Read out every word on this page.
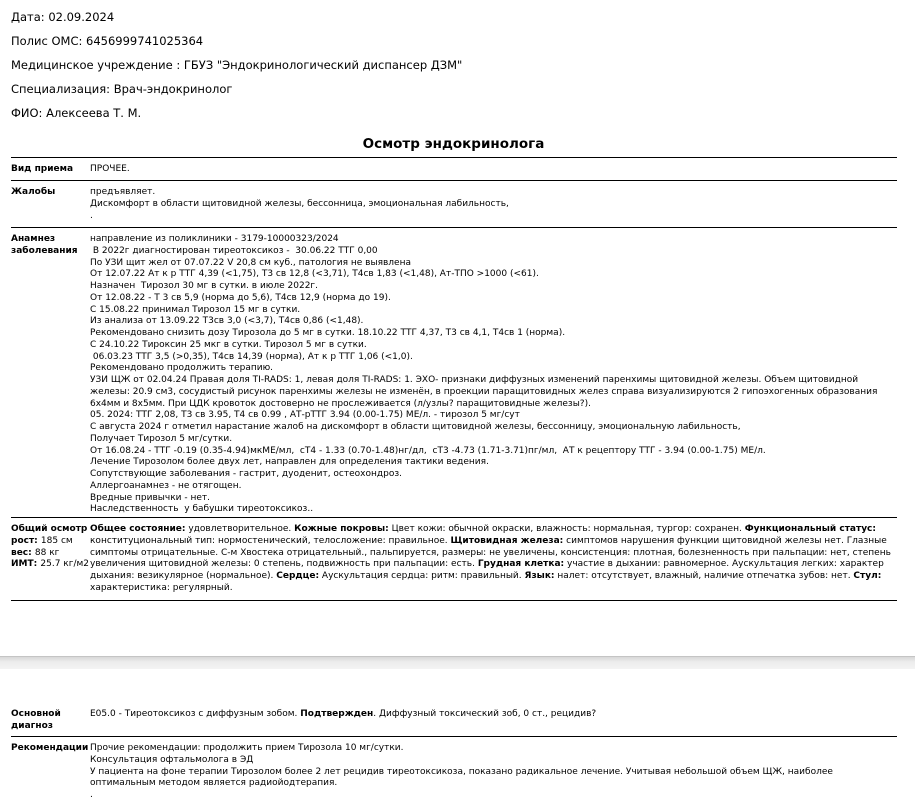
Дата: 02.09.2024
Полис ОМС: 6456999741025364
Медицинское учреждение : ГБУЗ "Эндокринологический диспансер ДЗМ"
Специализация: Врач-эндокринолог
ФИО: Алексеева Т. М.
Осмотр эндокринолога
Вид приема	ПРОЧЕЕ.
Жалобы	предъявляет.
Дискомфорт в области щитовидной железы, бессонница, эмоциональная лабильность,
.
Анамнез
заболевания
направление из поликлиники - 3179-10000323/2024
В 2022г диагностирован тиреотоксикоз -  30.06.22 ТТГ 0,00
По УЗИ щит жел от 07.07.22 V 20,8 см куб., патология не выявлена
От 12.07.22 Ат к р ТТГ 4,39 (<1,75), Т3 св 12,8 (<3,71), Т4св 1,83 (<1,48), Ат-ТПО >1000 (<61).
Назначен  Тирозол 30 мг в сутки. в июле 2022г.
От 12.08.22 - Т 3 св 5,9 (норма до 5,6), Т4св 12,9 (норма до 19).
С 15.08.22 принимал Тирозол 15 мг в сутки.
Из анализа от 13.09.22 Т3св 3,0 (<3,7), Т4св 0,86 (<1,48).
Рекомендовано снизить дозу Тирозола до 5 мг в сутки. 18.10.22 ТТГ 4,37, Т3 св 4,1, Т4св 1 (норма).
С 24.10.22 Тироксин 25 мкг в сутки. Тирозол 5 мг в сутки.
06.03.23 ТТГ 3,5 (>0,35), Т4св 14,39 (норма), Ат к р ТТГ 1,06 (<1,0).
Рекомендовано продолжить терапию.
УЗИ ЩЖ от 02.04.24 Правая доля TI-RADS: 1, левая доля TI-RADS: 1. ЭХО- признаки диффузных изменений паренхимы щитовидной железы. Объем щитовидной железы: 20.9 см3, сосудистый рисунок паренхимы железы не изменён, в проекции паращитовидных желез справа визуализируются 2 гипоэхогенных образования 6х4мм и 8х5мм. При ЦДК кровоток достоверно не прослеживается (л/узлы? паращитовидные железы?).
05. 2024: ТТГ 2,08, Т3 св 3.95, Т4 св 0.99 , АТ-рТТГ 3.94 (0.00-1.75) МЕ/л. - тирозол 5 мг/сут
С августа 2024 г отметил нарастание жалоб на дискомфорт в области щитовидной железы, бессонницу, эмоциональную лабильность,
Получает Тирозол 5 мг/сутки.
От 16.08.24 - ТТГ -0.19 (0.35-4.94)мкМЕ/мл,  сТ4 - 1.33 (0.70-1.48)нг/дл,  сТ3 -4.73 (1.71-3.71)пг/мл,  АТ к рецептору ТТГ - 3.94 (0.00-1.75) МЕ/л.
Лечение Тирозолом более двух лет, направлен для определения тактики ведения.
Сопутствующие заболевания - гастрит, дуоденит, остеохондроз.
Аллергоанамнез - не отягощен.
Вредные привычки - нет.
Наследственность  у бабушки тиреотоксикоз..
Общий осмотр
рост: 185 см
вес: 88 кг
ИМТ: 25.7 кг/м2
Общее состояние: удовлетворительное. Кожные покровы: Цвет кожи: обычной окраски, влажность: нормальная, тургор: сохранен. Функциональный статус: конституциональный тип: нормостенический, телосложение: правильное. Щитовидная железа: симптомов нарушения функции щитовидной железы нет. Глазные симптомы отрицательные. С-м Хвостека отрицательный., пальпируется, размеры: не увеличены, консистенция: плотная, болезненность при пальпации: нет, степень увеличения щитовидной железы: 0 степень, подвижность при пальпации: есть. Грудная клетка: участие в дыхании: равномерное. Аускультация легких: характер дыхания: везикулярное (нормальное). Сердце: Аускультация сердца: ритм: правильный. Язык: налет: отсутствует, влажный, наличие отпечатка зубов: нет. Стул: характеристика: регулярный.
Основной
диагноз
E05.0 - Тиреотоксикоз с диффузным зобом. Подтвержден. Диффузный токсический зоб, 0 ст., рецидив?
Рекомендации Прочие рекомендации: продолжить прием Тирозола 10 мг/сутки.
Консультация офтальмолога в ЭД
У пациента на фоне терапии Тирозолом более 2 лет рецидив тиреотоксикоза, показано радикальное лечение. Учитывая небольшой объем ЩЖ, наиболее оптимальным методом является радиойодтерапия.
.
